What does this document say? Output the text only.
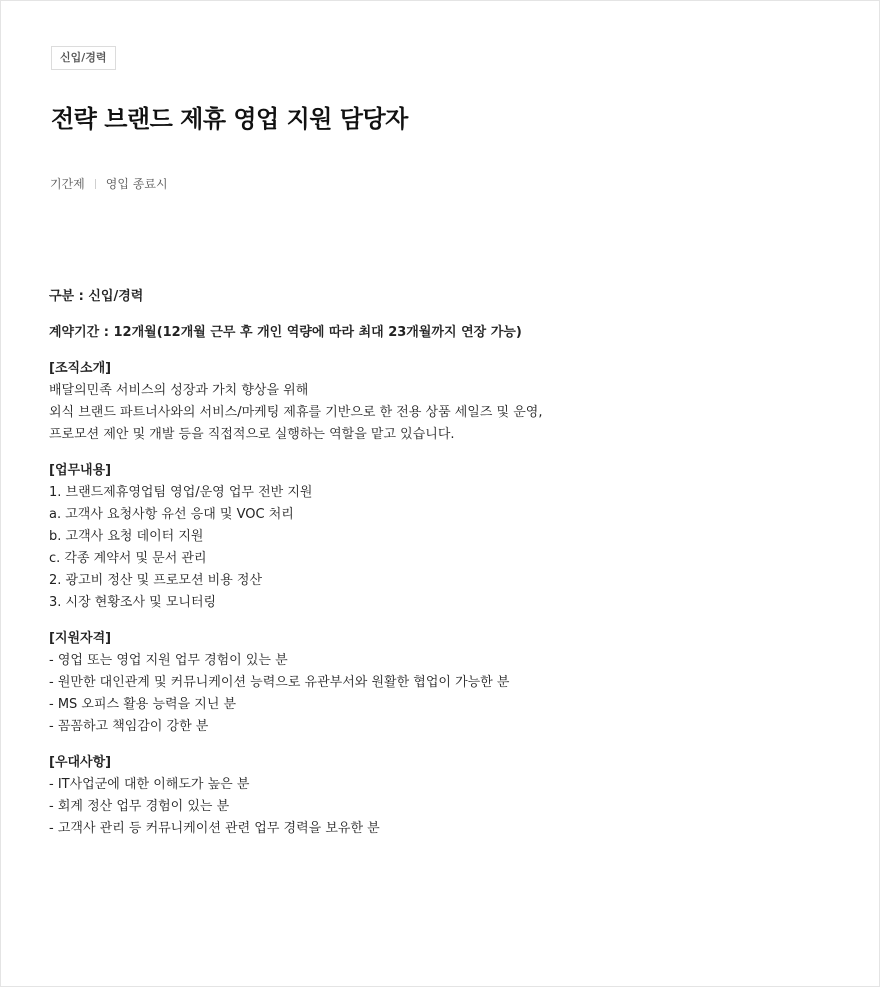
신입/경력
전략 브랜드 제휴 영업 지원 담당자
기간제 영입 종료시
구분 : 신입/경력
계약기간 : 12개월(12개월 근무 후 개인 역량에 따라 최대 23개월까지 연장 가능)
[조직소개]
배달의민족 서비스의 성장과 가치 향상을 위해
외식 브랜드 파트너사와의 서비스/마케팅 제휴를 기반으로 한 전용 상품 세일즈 및 운영,
프로모션 제안 및 개발 등을 직접적으로 실행하는 역할을 맡고 있습니다.
[업무내용]
1. 브랜드제휴영업팀 영업/운영 업무 전반 지원
a. 고객사 요청사항 유선 응대 및 VOC 처리
b. 고객사 요청 데이터 지원
c. 각종 계약서 및 문서 관리
2. 광고비 정산 및 프로모션 비용 정산
3. 시장 현황조사 및 모니터링
[지원자격]
- 영업 또는 영업 지원 업무 경험이 있는 분
- 원만한 대인관계 및 커뮤니케이션 능력으로 유관부서와 원활한 협업이 가능한 분
- MS 오피스 활용 능력을 지닌 분
- 꼼꼼하고 책임감이 강한 분
[우대사항]
- IT사업군에 대한 이해도가 높은 분
- 회계 정산 업무 경험이 있는 분
- 고객사 관리 등 커뮤니케이션 관련 업무 경력을 보유한 분
